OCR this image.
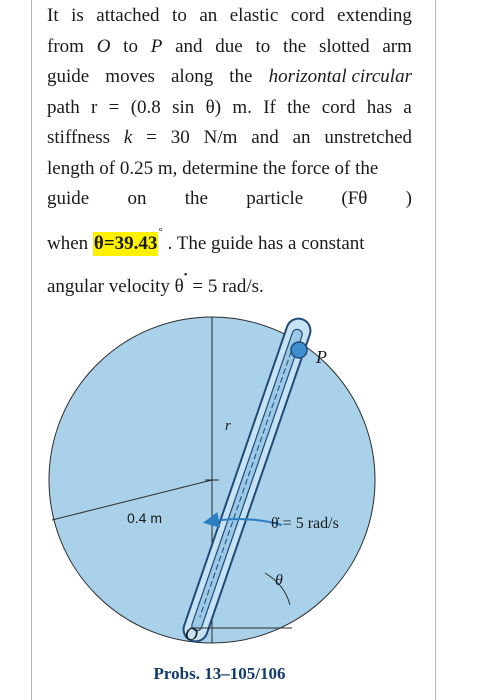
It is attached to an elastic cord extending
from O to P and due to the slotted arm
guide moves along the horizontal circular
path r = (0.8 sin θ) m. If the cord has a
stiffness k = 30 N/m and an unstretched
length of 0.25 m, determine the force of the
guide on the particle (Fθ )
when θ=39.43
°
. The guide has a constant
angular velocity θ
•
= 5 rad/s.
r
0.4 m	θ̇ = 5 rad/s
θ
O
P
Probs. 13–105/106
